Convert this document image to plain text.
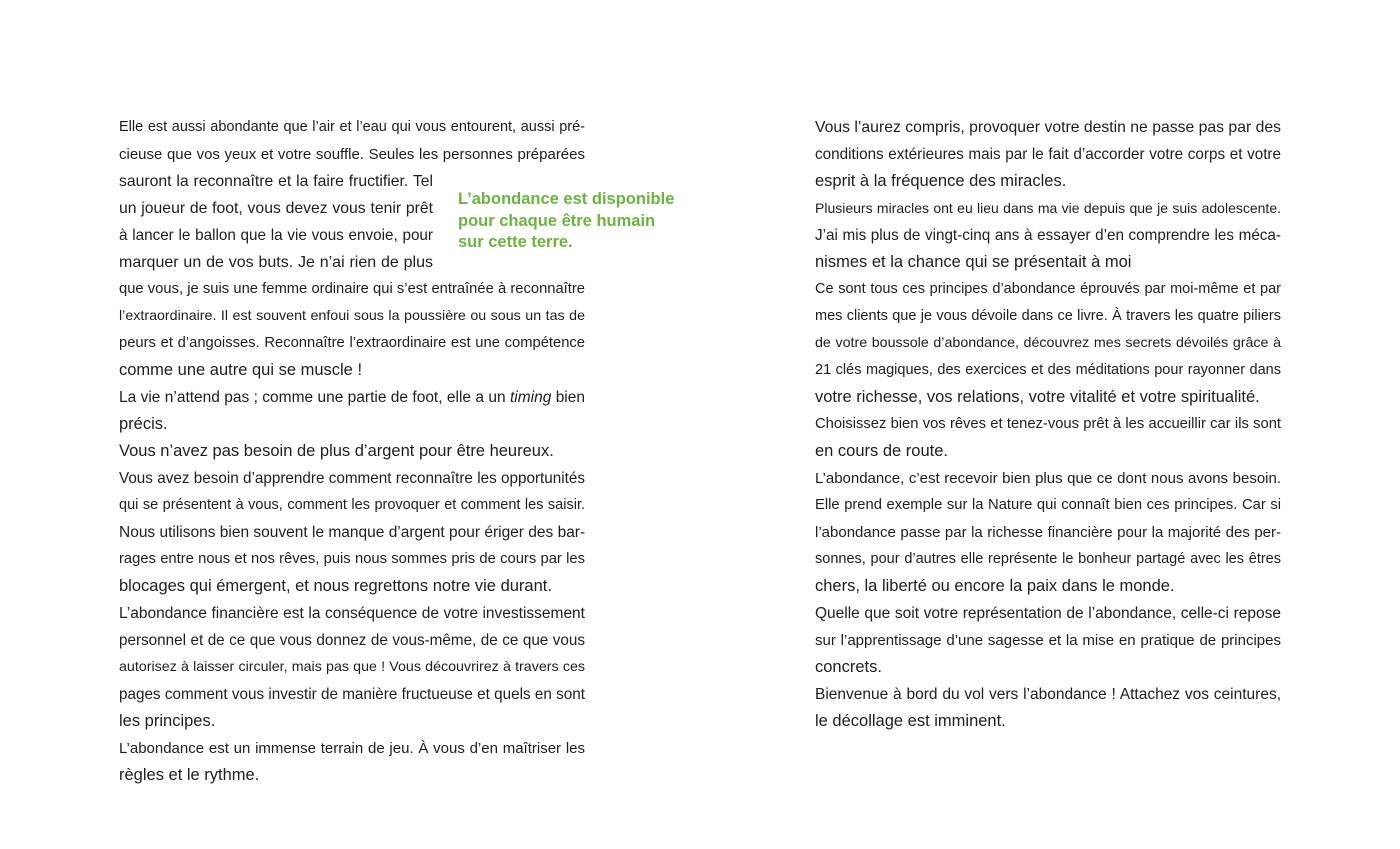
Elle est aussi abondante que l’air et l’eau qui vous entourent, aussi pré-
cieuse que vos yeux et votre souffle. Seules les personnes préparées
sauront la reconnaître et la faire fructifier. Tel
un joueur de foot, vous devez vous tenir prêt
à lancer le ballon que la vie vous envoie, pour
marquer un de vos buts. Je n’ai rien de plus
que vous, je suis une femme ordinaire qui s’est entraînée à reconnaître
l’extraordinaire. Il est souvent enfoui sous la poussière ou sous un tas de
peurs et d’angoisses. Reconnaître l’extraordinaire est une compétence
comme une autre qui se muscle !
La vie n’attend pas ; comme une partie de foot, elle a un timing bien
précis.
Vous n’avez pas besoin de plus d’argent pour être heureux.
Vous avez besoin d’apprendre comment reconnaître les opportunités
qui se présentent à vous, comment les provoquer et comment les saisir.
Nous utilisons bien souvent le manque d’argent pour ériger des bar-
rages entre nous et nos rêves, puis nous sommes pris de cours par les
blocages qui émergent, et nous regrettons notre vie durant.
L’abondance financière est la conséquence de votre investissement
personnel et de ce que vous donnez de vous-même, de ce que vous
autorisez à laisser circuler, mais pas que ! Vous découvrirez à travers ces
pages comment vous investir de manière fructueuse et quels en sont
les principes.
L’abondance est un immense terrain de jeu. À vous d’en maîtriser les
règles et le rythme.
L’abondance est disponible
pour chaque être humain
sur cette terre.
Vous l’aurez compris, provoquer votre destin ne passe pas par des
conditions extérieures mais par le fait d’accorder votre corps et votre
esprit à la fréquence des miracles.
Plusieurs miracles ont eu lieu dans ma vie depuis que je suis adolescente.
J’ai mis plus de vingt-cinq ans à essayer d’en comprendre les méca-
nismes et la chance qui se présentait à moi
Ce sont tous ces principes d’abondance éprouvés par moi-même et par
mes clients que je vous dévoile dans ce livre. À travers les quatre piliers
de votre boussole d’abondance, découvrez mes secrets dévoilés grâce à
21 clés magiques, des exercices et des méditations pour rayonner dans
votre richesse, vos relations, votre vitalité et votre spiritualité.
Choisissez bien vos rêves et tenez-vous prêt à les accueillir car ils sont
en cours de route.
L’abondance, c’est recevoir bien plus que ce dont nous avons besoin.
Elle prend exemple sur la Nature qui connaît bien ces principes. Car si
l’abondance passe par la richesse financière pour la majorité des per-
sonnes, pour d’autres elle représente le bonheur partagé avec les êtres
chers, la liberté ou encore la paix dans le monde.
Quelle que soit votre représentation de l’abondance, celle-ci repose
sur l’apprentissage d’une sagesse et la mise en pratique de principes
concrets.
Bienvenue à bord du vol vers l’abondance ! Attachez vos ceintures,
le décollage est imminent.
